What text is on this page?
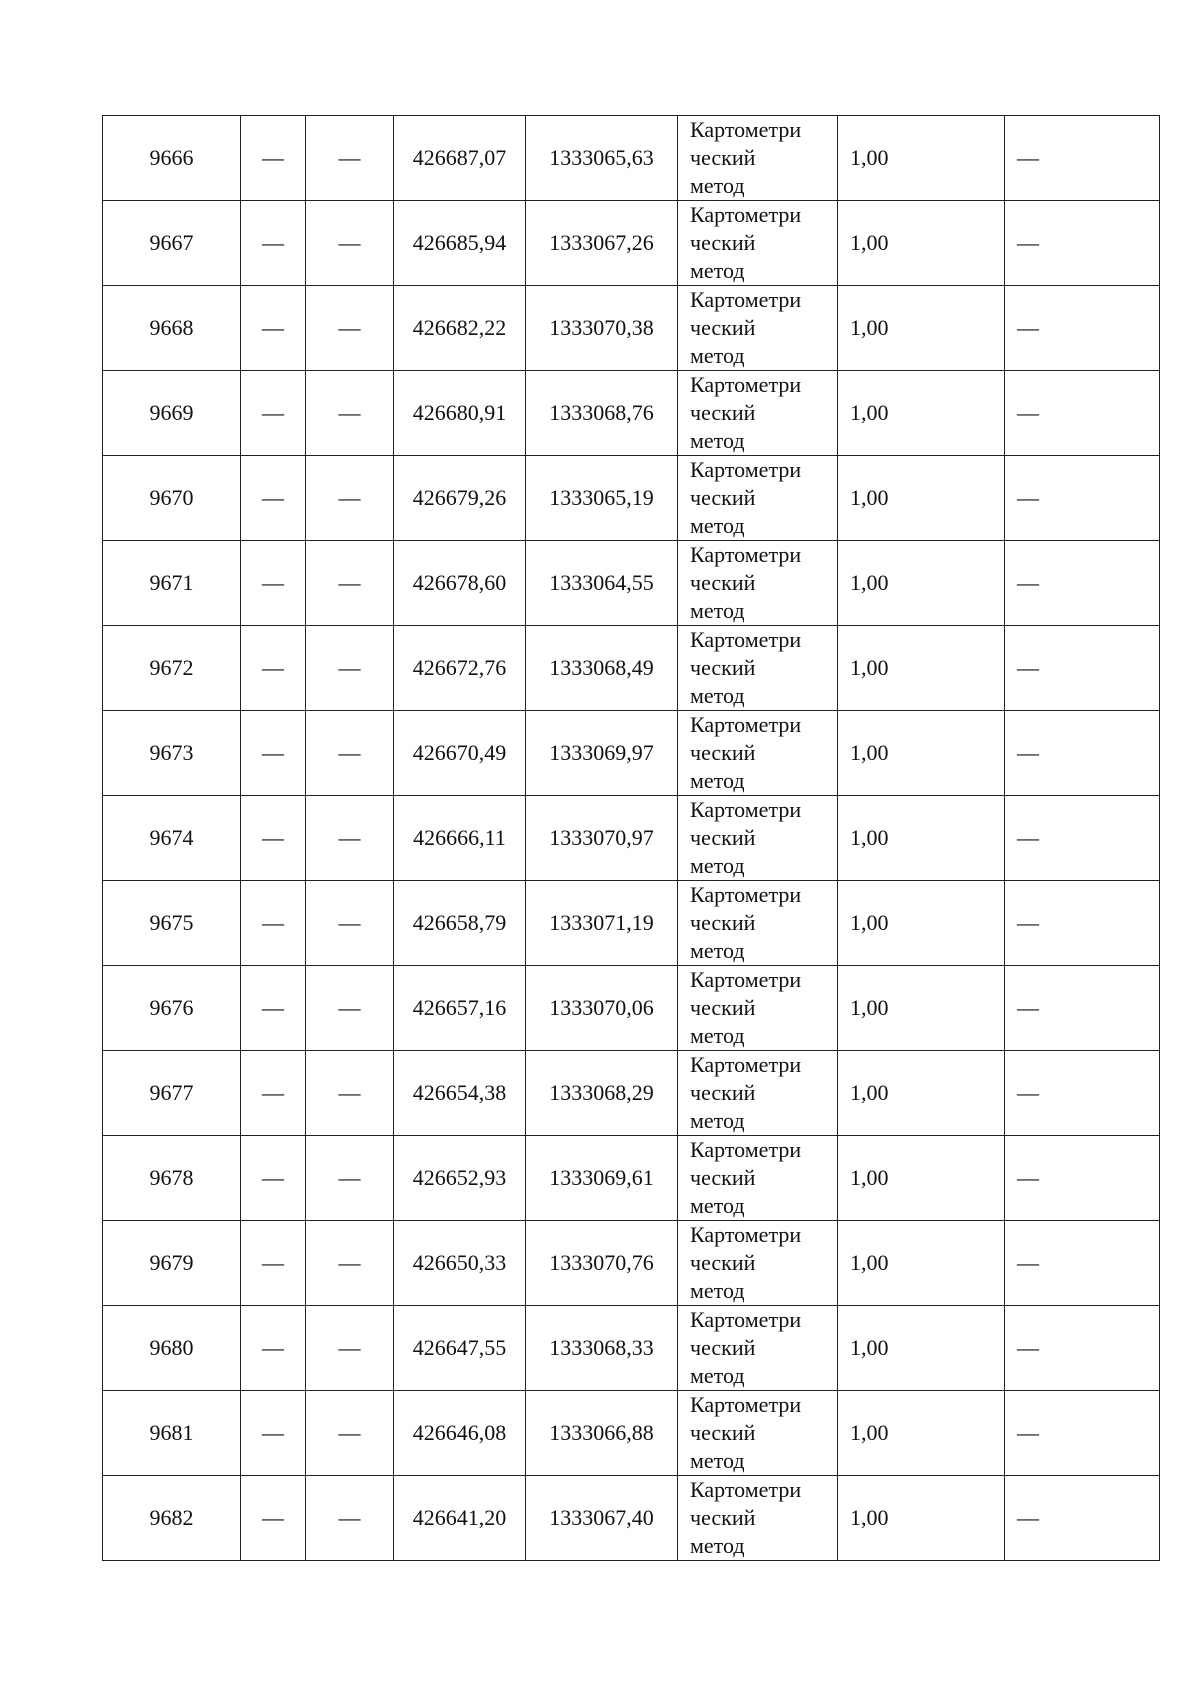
9666	—	—	426687,07	1333065,63	Картометри
ческий
метод	1,00	—
9667	—	—	426685,94	1333067,26	Картометри
ческий
метод	1,00	—
9668	—	—	426682,22	1333070,38	Картометри
ческий
метод	1,00	—
9669	—	—	426680,91	1333068,76	Картометри
ческий
метод	1,00	—
9670	—	—	426679,26	1333065,19	Картометри
ческий
метод	1,00	—
9671	—	—	426678,60	1333064,55	Картометри
ческий
метод	1,00	—
9672	—	—	426672,76	1333068,49	Картометри
ческий
метод	1,00	—
9673	—	—	426670,49	1333069,97	Картометри
ческий
метод	1,00	—
9674	—	—	426666,11	1333070,97	Картометри
ческий
метод	1,00	—
9675	—	—	426658,79	1333071,19	Картометри
ческий
метод	1,00	—
9676	—	—	426657,16	1333070,06	Картометри
ческий
метод	1,00	—
9677	—	—	426654,38	1333068,29	Картометри
ческий
метод	1,00	—
9678	—	—	426652,93	1333069,61	Картометри
ческий
метод	1,00	—
9679	—	—	426650,33	1333070,76	Картометри
ческий
метод	1,00	—
9680	—	—	426647,55	1333068,33	Картометри
ческий
метод	1,00	—
9681	—	—	426646,08	1333066,88	Картометри
ческий
метод	1,00	—
9682	—	—	426641,20	1333067,40	Картометри
ческий
метод	1,00	—
